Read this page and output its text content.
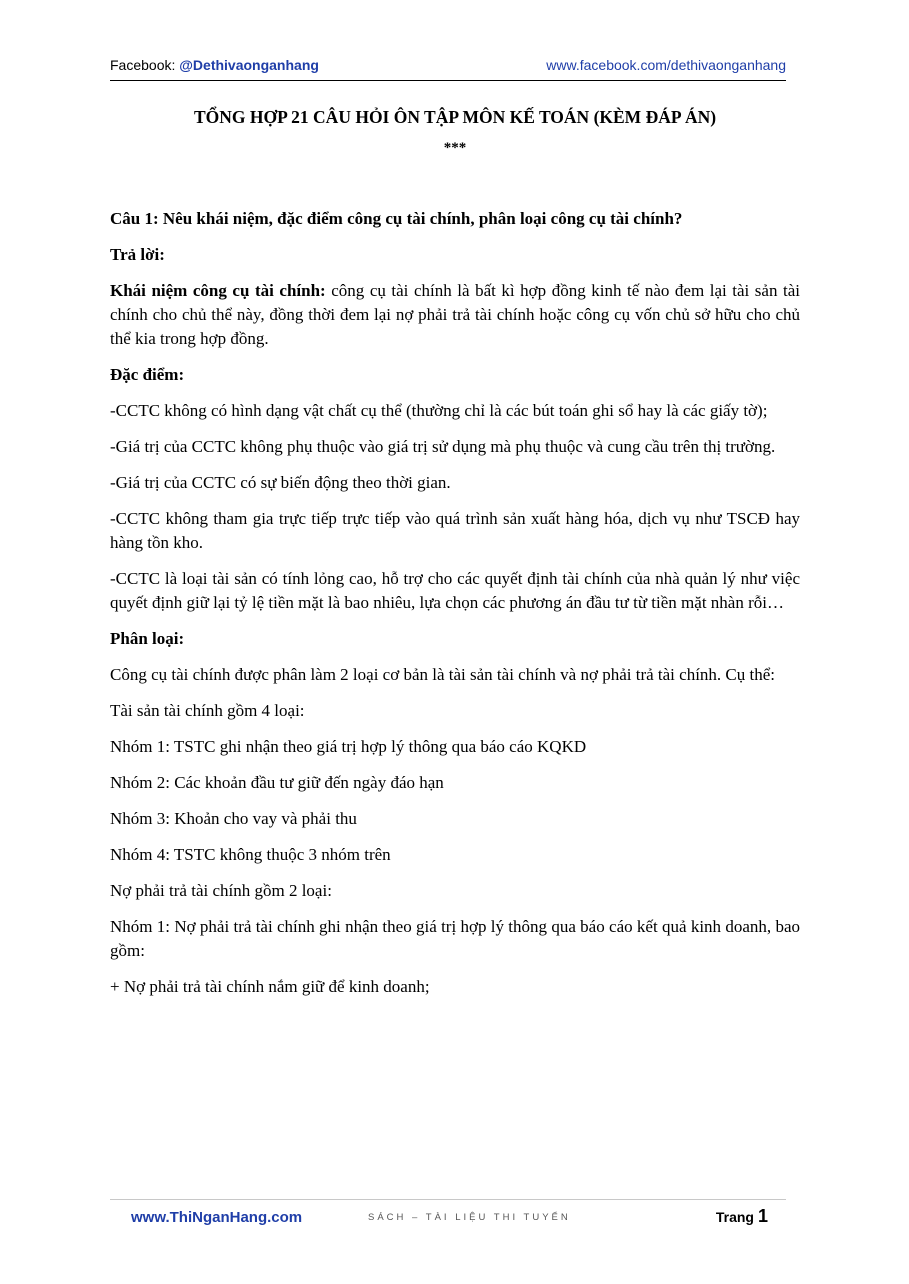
Facebook: @Dethivaonganhang	www.facebook.com/dethivaonganhang

TỔNG HỢP 21 CÂU HỎI ÔN TẬP MÔN KẾ TOÁN (KÈM ĐÁP ÁN)

***

Câu 1: Nêu khái niệm, đặc điểm công cụ tài chính, phân loại công cụ tài chính?

Trả lời:

Khái niệm công cụ tài chính: công cụ tài chính là bất kì hợp đồng kinh tế nào đem lại tài sản tài chính cho chủ thể này, đồng thời đem lại nợ phải trả tài chính hoặc công cụ vốn chủ sở hữu cho chủ thể kia trong hợp đồng.

Đặc điểm:

-CCTC không có hình dạng vật chất cụ thể (thường chỉ là các bút toán ghi sổ hay là các giấy tờ);

-Giá trị của CCTC không phụ thuộc vào giá trị sử dụng mà phụ thuộc và cung cầu trên thị trường.

-Giá trị của CCTC có sự biến động theo thời gian.

-CCTC không tham gia trực tiếp trực tiếp vào quá trình sản xuất hàng hóa, dịch vụ như TSCĐ hay hàng tồn kho.

-CCTC là loại tài sản có tính lỏng cao, hỗ trợ cho các quyết định tài chính của nhà quản lý như việc quyết định giữ lại tỷ lệ tiền mặt là bao nhiêu, lựa chọn các phương án đầu tư từ tiền mặt nhàn rỗi…

Phân loại:

Công cụ tài chính được phân làm 2 loại cơ bản là tài sản tài chính và nợ phải trả tài chính. Cụ thể:

Tài sản tài chính gồm 4 loại:

Nhóm 1: TSTC ghi nhận theo giá trị hợp lý thông qua báo cáo KQKD

Nhóm 2: Các khoản đầu tư giữ đến ngày đáo hạn

Nhóm 3: Khoản cho vay và phải thu

Nhóm 4: TSTC không thuộc 3 nhóm trên

Nợ phải trả tài chính gồm 2 loại:

Nhóm 1: Nợ phải trả tài chính ghi nhận theo giá trị hợp lý thông qua báo cáo kết quả kinh doanh, bao gồm:

+ Nợ phải trả tài chính nắm giữ để kinh doanh;

www.ThiNganHang.com	SÁCH – TÀI LIỆU THI TUYỂN	Trang 1
